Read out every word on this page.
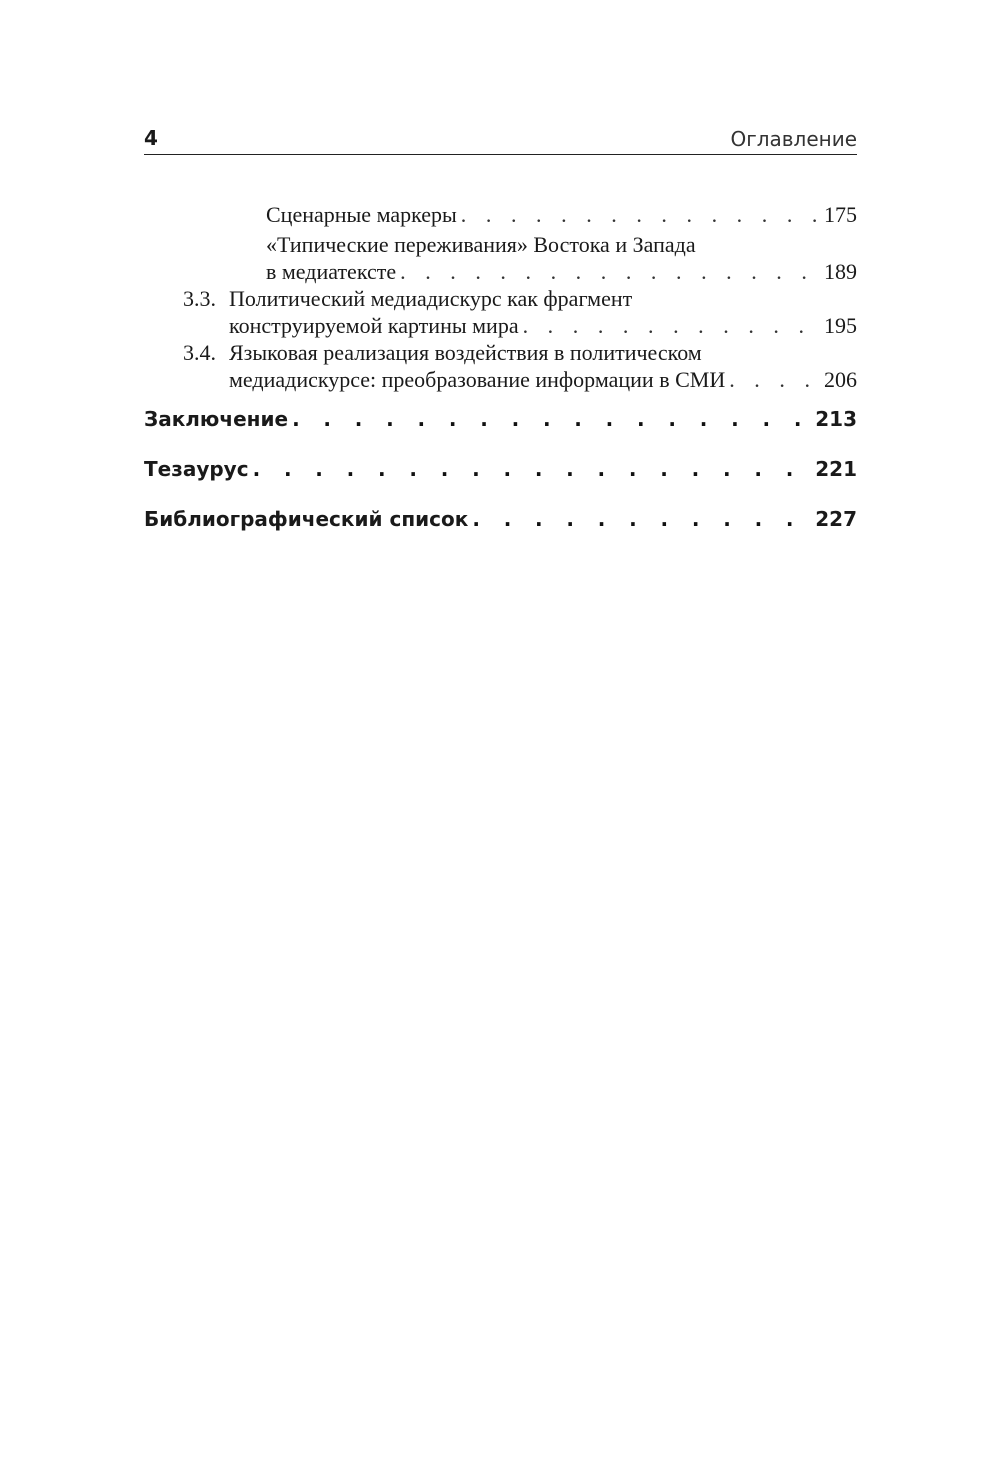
4	Оглавление
Сценарные маркеры . . .	175
«Типические переживания» Востока и Запада
в медиатексте . . .	189
3.3. Политический медиадискурс как фрагмент
конструируемой картины мира . . .	195
3.4. Языковая реализация воздействия в политическом
медиадискурсе: преобразование информации в СМИ . . .	206
Заключение . . .	213
Тезаурус . . .	221
Библиографический список . . .	227
